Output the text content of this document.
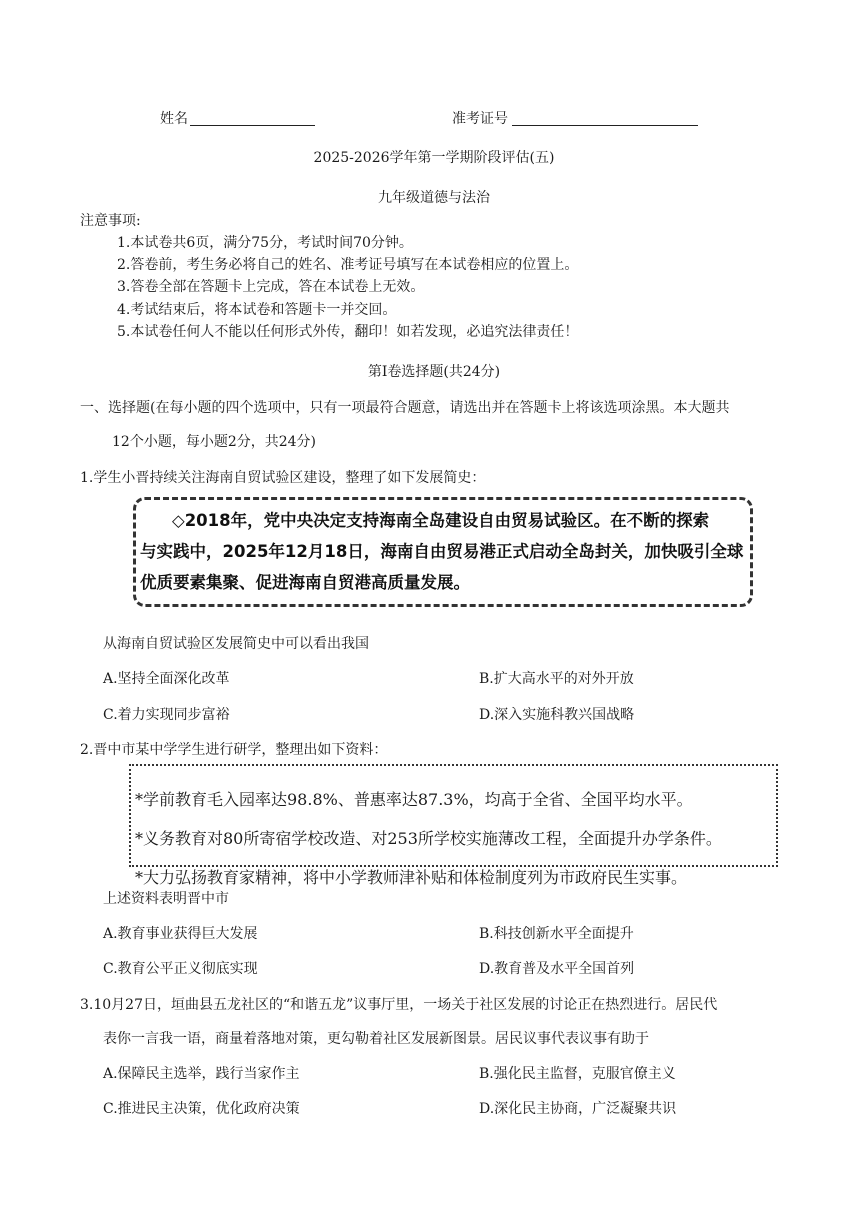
姓名	准考证号
2025-2026学年第一学期阶段评估(五)
九年级道德与法治
注意事项:
1.本试卷共6页，满分75分，考试时间70分钟。
2.答卷前，考生务必将自己的姓名、准考证号填写在本试卷相应的位置上。
3.答卷全部在答题卡上完成，答在本试卷上无效。
4.考试结束后，将本试卷和答题卡一并交回。
5.本试卷任何人不能以任何形式外传，翻印！如若发现，必追究法律责任！
第Ⅰ卷选择题(共24分)
一、选择题(在每小题的四个选项中，只有一项最符合题意，请选出并在答题卡上将该选项涂黑。本大题共
12个小题，每小题2分，共24分)
1.学生小晋持续关注海南自贸试验区建设，整理了如下发展简史：

◇2018年，党中央决定支持海南全岛建设自由贸易试验区。在不断的探索

与实践中，2025年12月18日，海南自由贸易港正式启动全岛封关，加快吸引全球

优质要素集聚、促进海南自贸港高质量发展。

从海南自贸试验区发展简史中可以看出我国
A.坚持全面深化改革	B.扩大高水平的对外开放
C.着力实现同步富裕	D.深入实施科教兴国战略
2.晋中市某中学学生进行研学，整理出如下资料：

*学前教育毛入园率达98.8%、普惠率达87.3%，均高于全省、全国平均水平。

*义务教育对80所寄宿学校改造、对253所学校实施薄改工程，全面提升办学条件。

*大力弘扬教育家精神，将中小学教师津补贴和体检制度列为市政府民生实事。

上述资料表明晋中市
A.教育事业获得巨大发展	B.科技创新水平全面提升
C.教育公平正义彻底实现	D.教育普及水平全国首列
3.10月27日，垣曲县五龙社区的“和谐五龙”议事厅里，一场关于社区发展的讨论正在热烈进行。居民代
表你一言我一语，商量着落地对策，更勾勒着社区发展新图景。居民议事代表议事有助于
A.保障民主选举，践行当家作主	B.强化民主监督，克服官僚主义
C.推进民主决策，优化政府决策	D.深化民主协商，广泛凝聚共识
